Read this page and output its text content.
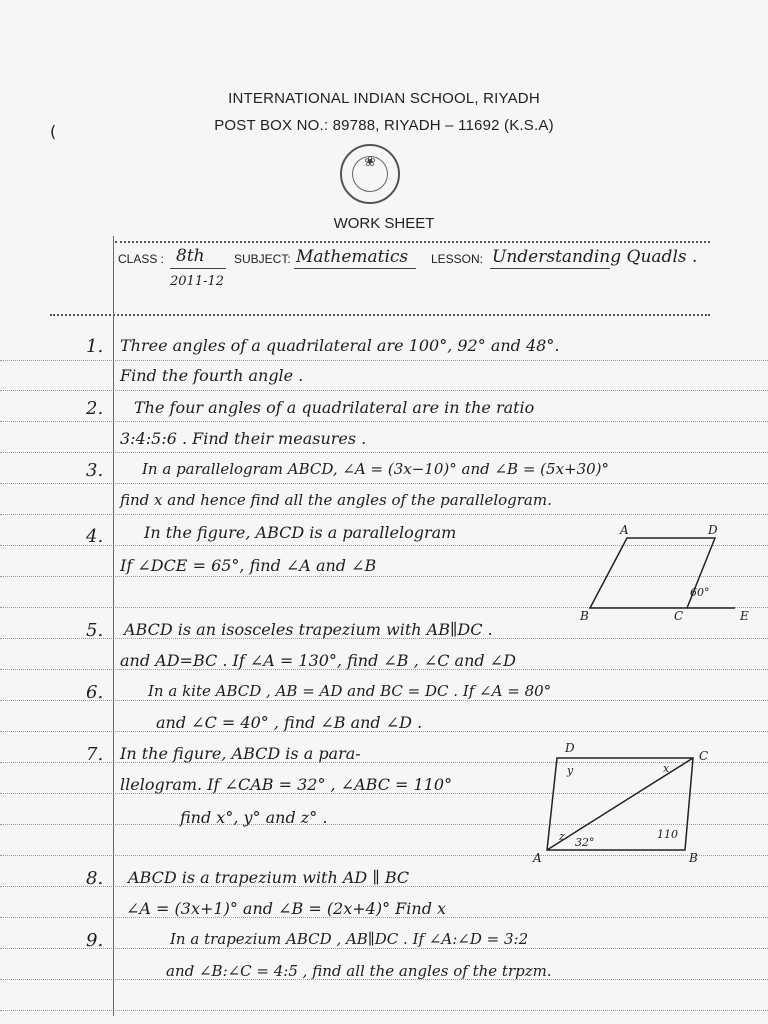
(
INTERNATIONAL INDIAN SCHOOL, RIYADH
POST BOX NO.: 89788, RIYADH – 11692 (K.S.A)
❀
WORK SHEET
CLASS : 8th
2011-12
SUBJECT: Mathematics LESSON: Understanding Quadls .
1. Three angles of a quadrilateral are 100°, 92° and 48°.
Find the fourth angle .
2. The four angles of a quadrilateral are in the ratio
3:4:5:6 . Find their measures .
3.	In a parallelogram ABCD, ∠A = (3x−10)° and ∠B = (5x+30)°
find x and hence find all the angles of the parallelogram.
4.	In the figure, ABCD is a parallelogram
If ∠DCE = 65°, find ∠A and ∠B
A	D
B	C	E
60°
5. ABCD is an isosceles trapezium with AB∥DC .
and AD=BC . If ∠A = 130°, find ∠B , ∠C and ∠D
6.	In a kite ABCD , AB = AD and BC = DC . If ∠A = 80°
and ∠C = 40° , find ∠B and ∠D .
7. In the figure, ABCD is a para-
llelogram. If ∠CAB = 32° , ∠ABC = 110°
find x°, y° and z° .
D
C
A	B
x
y
z 32°
110
8. ABCD is a trapezium with AD ∥ BC
∠A = (3x+1)° and ∠B = (2x+4)° Find x
9.	In a trapezium ABCD , AB∥DC . If ∠A:∠D = 3:2
and ∠B:∠C = 4:5 , find all the angles of the trpzm.
